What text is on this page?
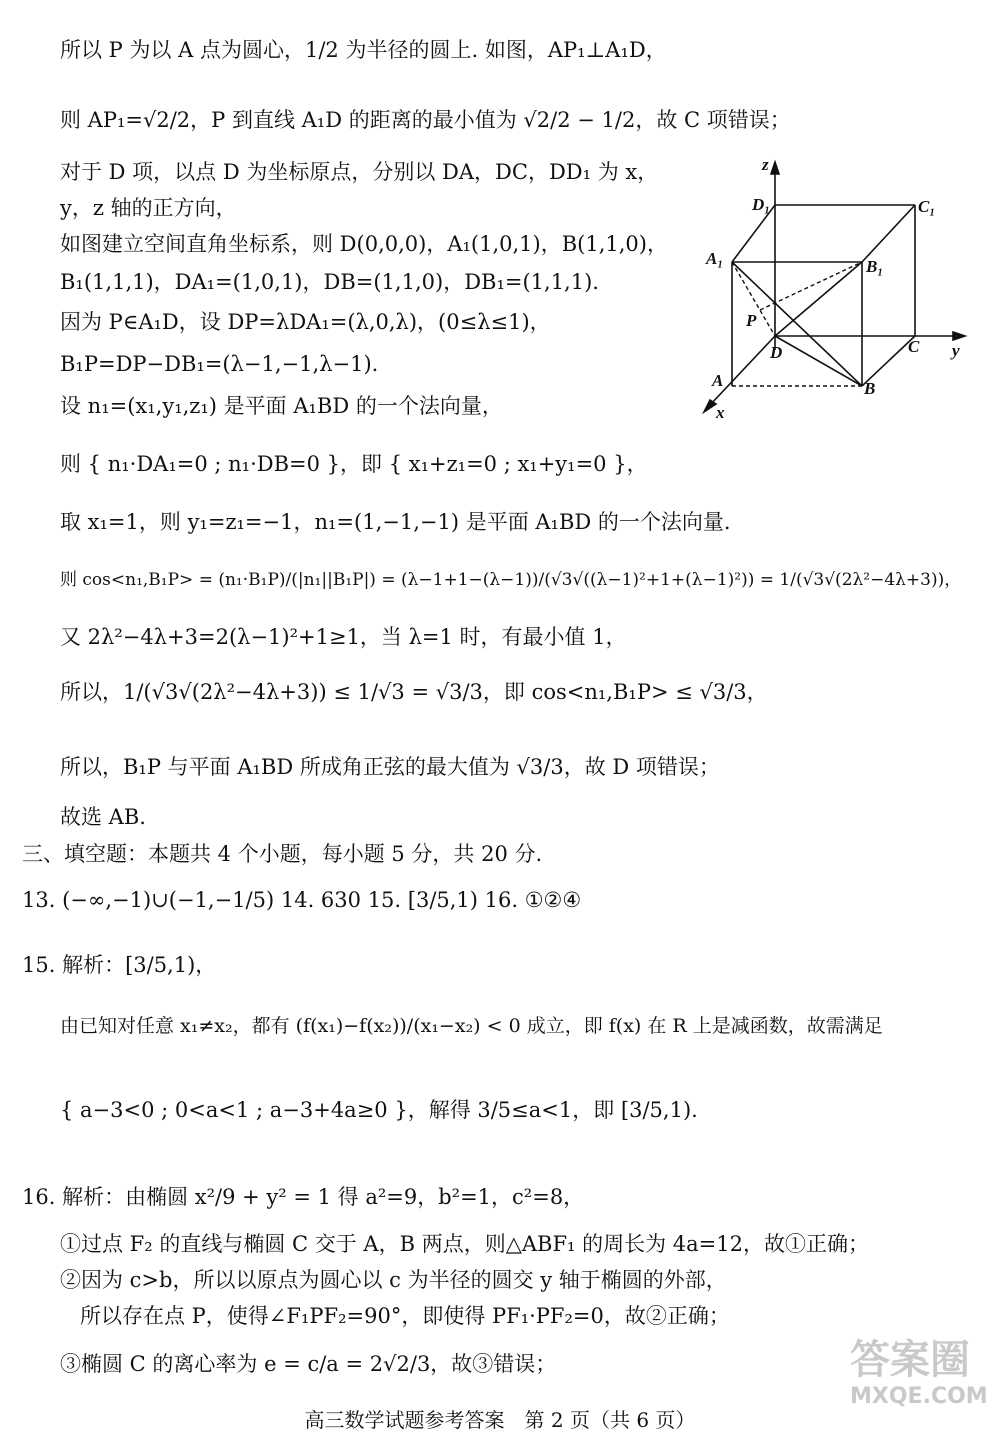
所以 P 为以 A 点为圆心，1/2 为半径的圆上. 如图，AP₁⊥A₁D，
则 AP₁=√2/2，P 到直线 A₁D 的距离的最小值为 √2/2 − 1/2，故 C 项错误；
对于 D 项，以点 D 为坐标原点，分别以 DA，DC，DD₁ 为 x，
y，z 轴的正方向，
如图建立空间直角坐标系，则 D(0,0,0)，A₁(1,0,1)，B(1,1,0)，
B₁(1,1,1)，DA₁=(1,0,1)，DB=(1,1,0)，DB₁=(1,1,1).
因为 P∈A₁D，设 DP=λDA₁=(λ,0,λ)，(0≤λ≤1)，
B₁P=DP−DB₁=(λ−1,−1,λ−1).
设 n₁=(x₁,y₁,z₁) 是平面 A₁BD 的一个法向量，
则 { n₁·DA₁=0 ; n₁·DB=0 }，即 { x₁+z₁=0 ; x₁+y₁=0 }，
取 x₁=1，则 y₁=z₁=−1，n₁=(1,−1,−1) 是平面 A₁BD 的一个法向量.
则 cos<n₁,B₁P> = (n₁·B₁P)/(|n₁||B₁P|) = (λ−1+1−(λ−1))/(√3√((λ−1)²+1+(λ−1)²)) = 1/(√3√(2λ²−4λ+3))，
又 2λ²−4λ+3=2(λ−1)²+1≥1，当 λ=1 时，有最小值 1，
所以，1/(√3√(2λ²−4λ+3)) ≤ 1/√3 = √3/3，即 cos<n₁,B₁P> ≤ √3/3，
所以，B₁P 与平面 A₁BD 所成角正弦的最大值为 √3/3，故 D 项错误；
故选 AB.
三、填空题：本题共 4 个小题，每小题 5 分，共 20 分.
13. (−∞,−1)∪(−1,−1/5) 14. 630 15. [3/5,1) 16. ①②④
15. 解析：[3/5,1)，
由已知对任意 x₁≠x₂，都有 (f(x₁)−f(x₂))/(x₁−x₂) < 0 成立，即 f(x) 在 R 上是减函数，故需满足
{ a−3<0 ; 0<a<1 ; a−3+4a≥0 }，解得 3/5≤a<1，即 [3/5,1).
16. 解析：由椭圆 x²/9 + y² = 1 得 a²=9，b²=1，c²=8，
①过点 F₂ 的直线与椭圆 C 交于 A，B 两点，则△ABF₁ 的周长为 4a=12，故①正确；
②因为 c>b，所以以原点为圆心以 c 为半径的圆交 y 轴于椭圆的外部，
所以存在点 P，使得∠F₁PF₂=90°，即使得 PF₁·PF₂=0，故②正确；
③椭圆 C 的离心率为 e = c/a = 2√2/3，故③错误；
z
y
x
D₁	C₁
A₁	B₁
P
D	C
A	B
答案圈
MXQE.COM
高三数学试题参考答案　第 2 页（共 6 页）
